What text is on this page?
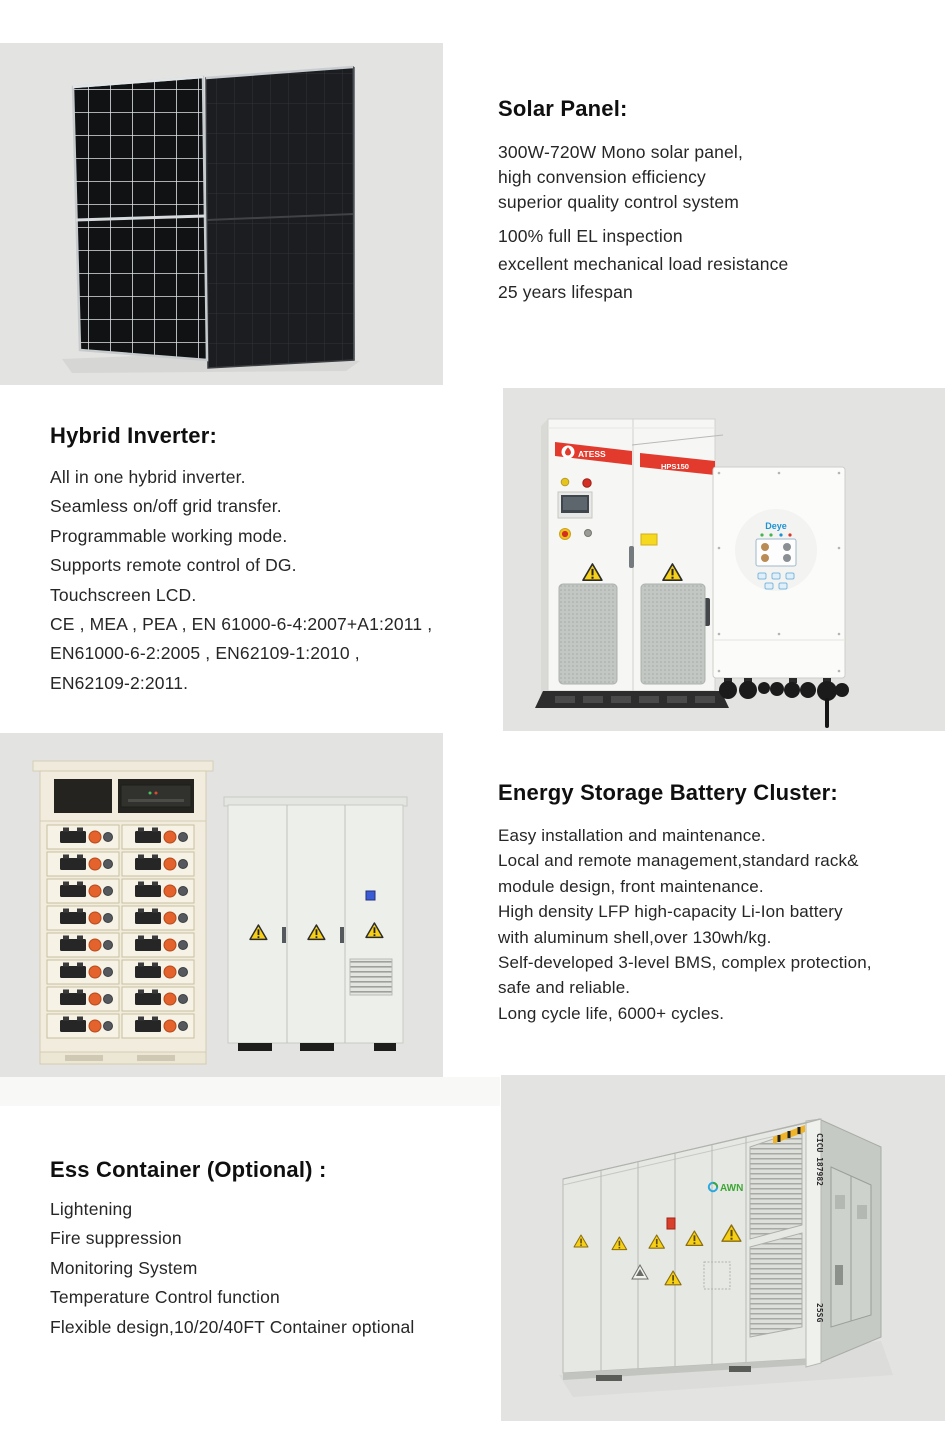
Solar Panel:
300W-720W Mono solar panel,
high convension efficiency
superior quality control system
100% full EL inspection
excellent mechanical load resistance
25 years lifespan
Hybrid Inverter:
All in one hybrid inverter.
Seamless on/off grid transfer.
Programmable working mode.
Supports remote control of DG.
Touchscreen LCD.
CE , MEA , PEA , EN 61000-6-4:2007+A1:2011 ,
EN61000-6-2:2005 , EN62109-1:2010 ,
EN62109-2:2011.
ATESS
HPS150
Deye
Energy Storage Battery Cluster:
Easy installation and maintenance.
Local and remote management,standard rack&
module design, front maintenance.
High density LFP high-capacity Li-Ion battery
with aluminum shell,over 130wh/kg.
Self-developed 3-level BMS, complex protection,
safe and reliable.
Long cycle life, 6000+ cycles.
Ess Container (Optional) :
Lightening
Fire suppression
Monitoring System
Temperature Control function
Flexible design,10/20/40FT Container optional
CICU 187982
25SG
AWN
